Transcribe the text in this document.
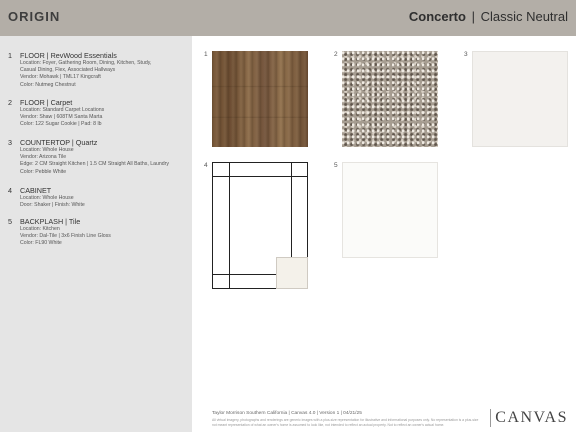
ORIGIN	Concerto | Classic Neutral
1	FLOOR | RevWood Essentials
Location: Foyer, Gathering Room, Dining, Kitchen, Study,
Casual Dining, Flex, Associated Hallways
Vendor: Mohawk | TML17 Kingcraft
Color: Nutmeg Chestnut
2	FLOOR | Carpet
Location: Standard Carpet Locations
Vendor: Shaw | 608TM Santa Marta
Color: 122 Sugar Cookie | Pad: 8 lb
3	COUNTERTOP | Quartz
Location: Whole House
Vendor: Arizona Tile
Edge: 2 CM Straight Kitchen | 1.5 CM Straight All Baths, Laundry
Color: Pebble White
4	CABINET
Location: Whole House
Door: Shaker | Finish: White
5	BACKPLASH | Tile
Location: Kitchen
Vendor: Dal-Tile | 3x6 Finish Line Gloss
Color: FL90 White
1	2	3
4	5
Taylor Morrison Southern California | Canvas 4.0 | Version 1 | 04/21/25
All virtual imagery, photographs and renderings are generic images with a plus-size representation for illustrative and informational purposes only. No representation is a plus-size not meant representation of what an owner's home is assumed to look like, not intended to reflect an actual property. Not to reflect an owner's actual home.	CANVAS
